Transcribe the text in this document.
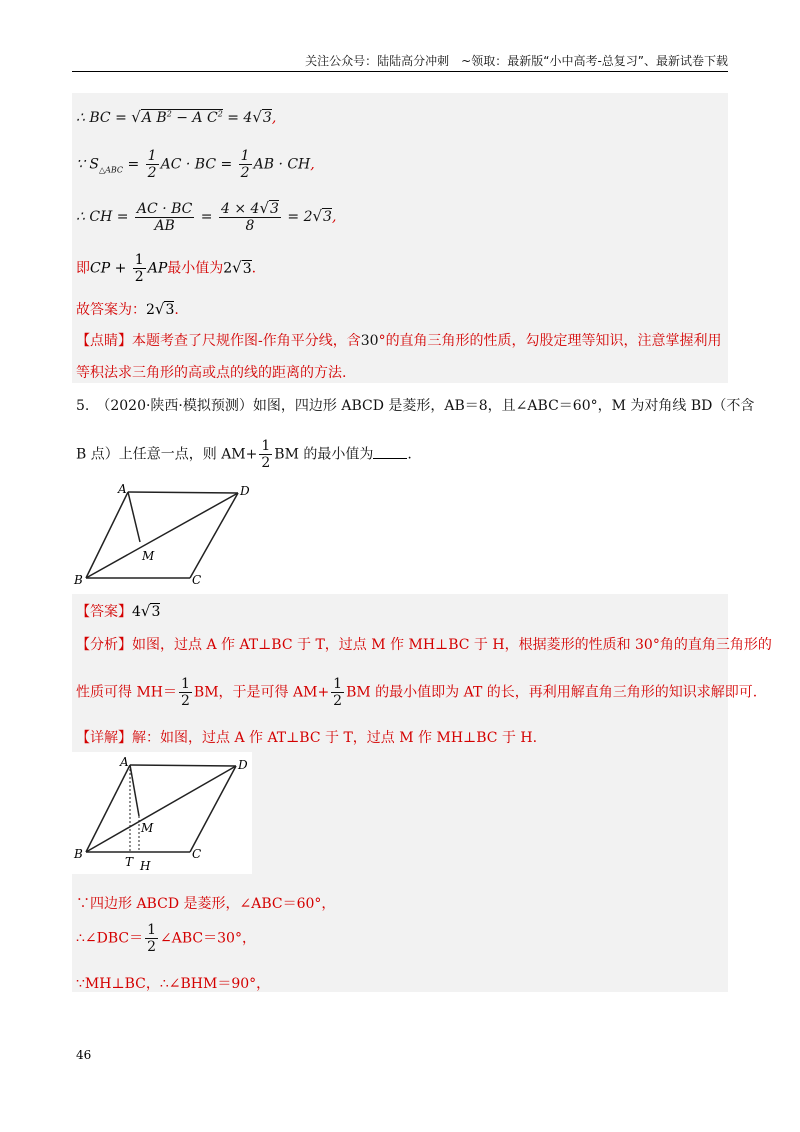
关注公众号：陆陆高分冲刺　~领取：最新版“小中高考-总复习”、最新试卷下载
∴ BC = √A $B^2 - A$ $C^2 = 4√3$,
∵ $S_{\triangle ABC} = \frac{1}{2}$ AC · BC = $\frac{1}{2}$ AB · CH,
∴ CH = $\frac{AC \cdot BC}{AB} = \frac{4 \times 4√3}{8} = 2√3$,
即CP + $\frac{1}{2}$ AP最小值为2√3.
故答案为：2√3.
【点睛】本题考查了尺规作图-作角平分线，含30°的直角三角形的性质，勾股定理等知识，注意掌握利用
等积法求三角形的高或点的线的距离的方法.
5.　（2020·陕西·模拟预测）如图，四边形 ABCD 是菱形，AB＝8，且∠ABC＝60°，M 为对角线 BD（不含
B 点）上任意一点，则 $AM+ \frac{1}{2}$ BM 的最小值为 .
A	D
M
B	C
【答案】4√3
【分析】如图，过点 A 作 AT⊥BC 于 T，过点 M 作 MH⊥BC 于 H，根据菱形的性质和 30°角的直角三角形的
性质可得 $MH= \frac{1}{2}$ BM，于是可得 $AM+ \frac{1}{2}$ BM 的最小值即为 AT 的长，再利用解直角三角形的知识求解即可.
【详解】解：如图，过点 A 作 AT⊥BC 于 T，过点 M 作 MH⊥BC 于 H.
A	D
M
B
T H
C
∵四边形 ABCD 是菱形，∠ABC＝60°，
∴∠DBC＝ $\frac{1}{2}$ ∠ABC＝30°，
∵MH⊥BC，∴∠BHM＝90°，
46
